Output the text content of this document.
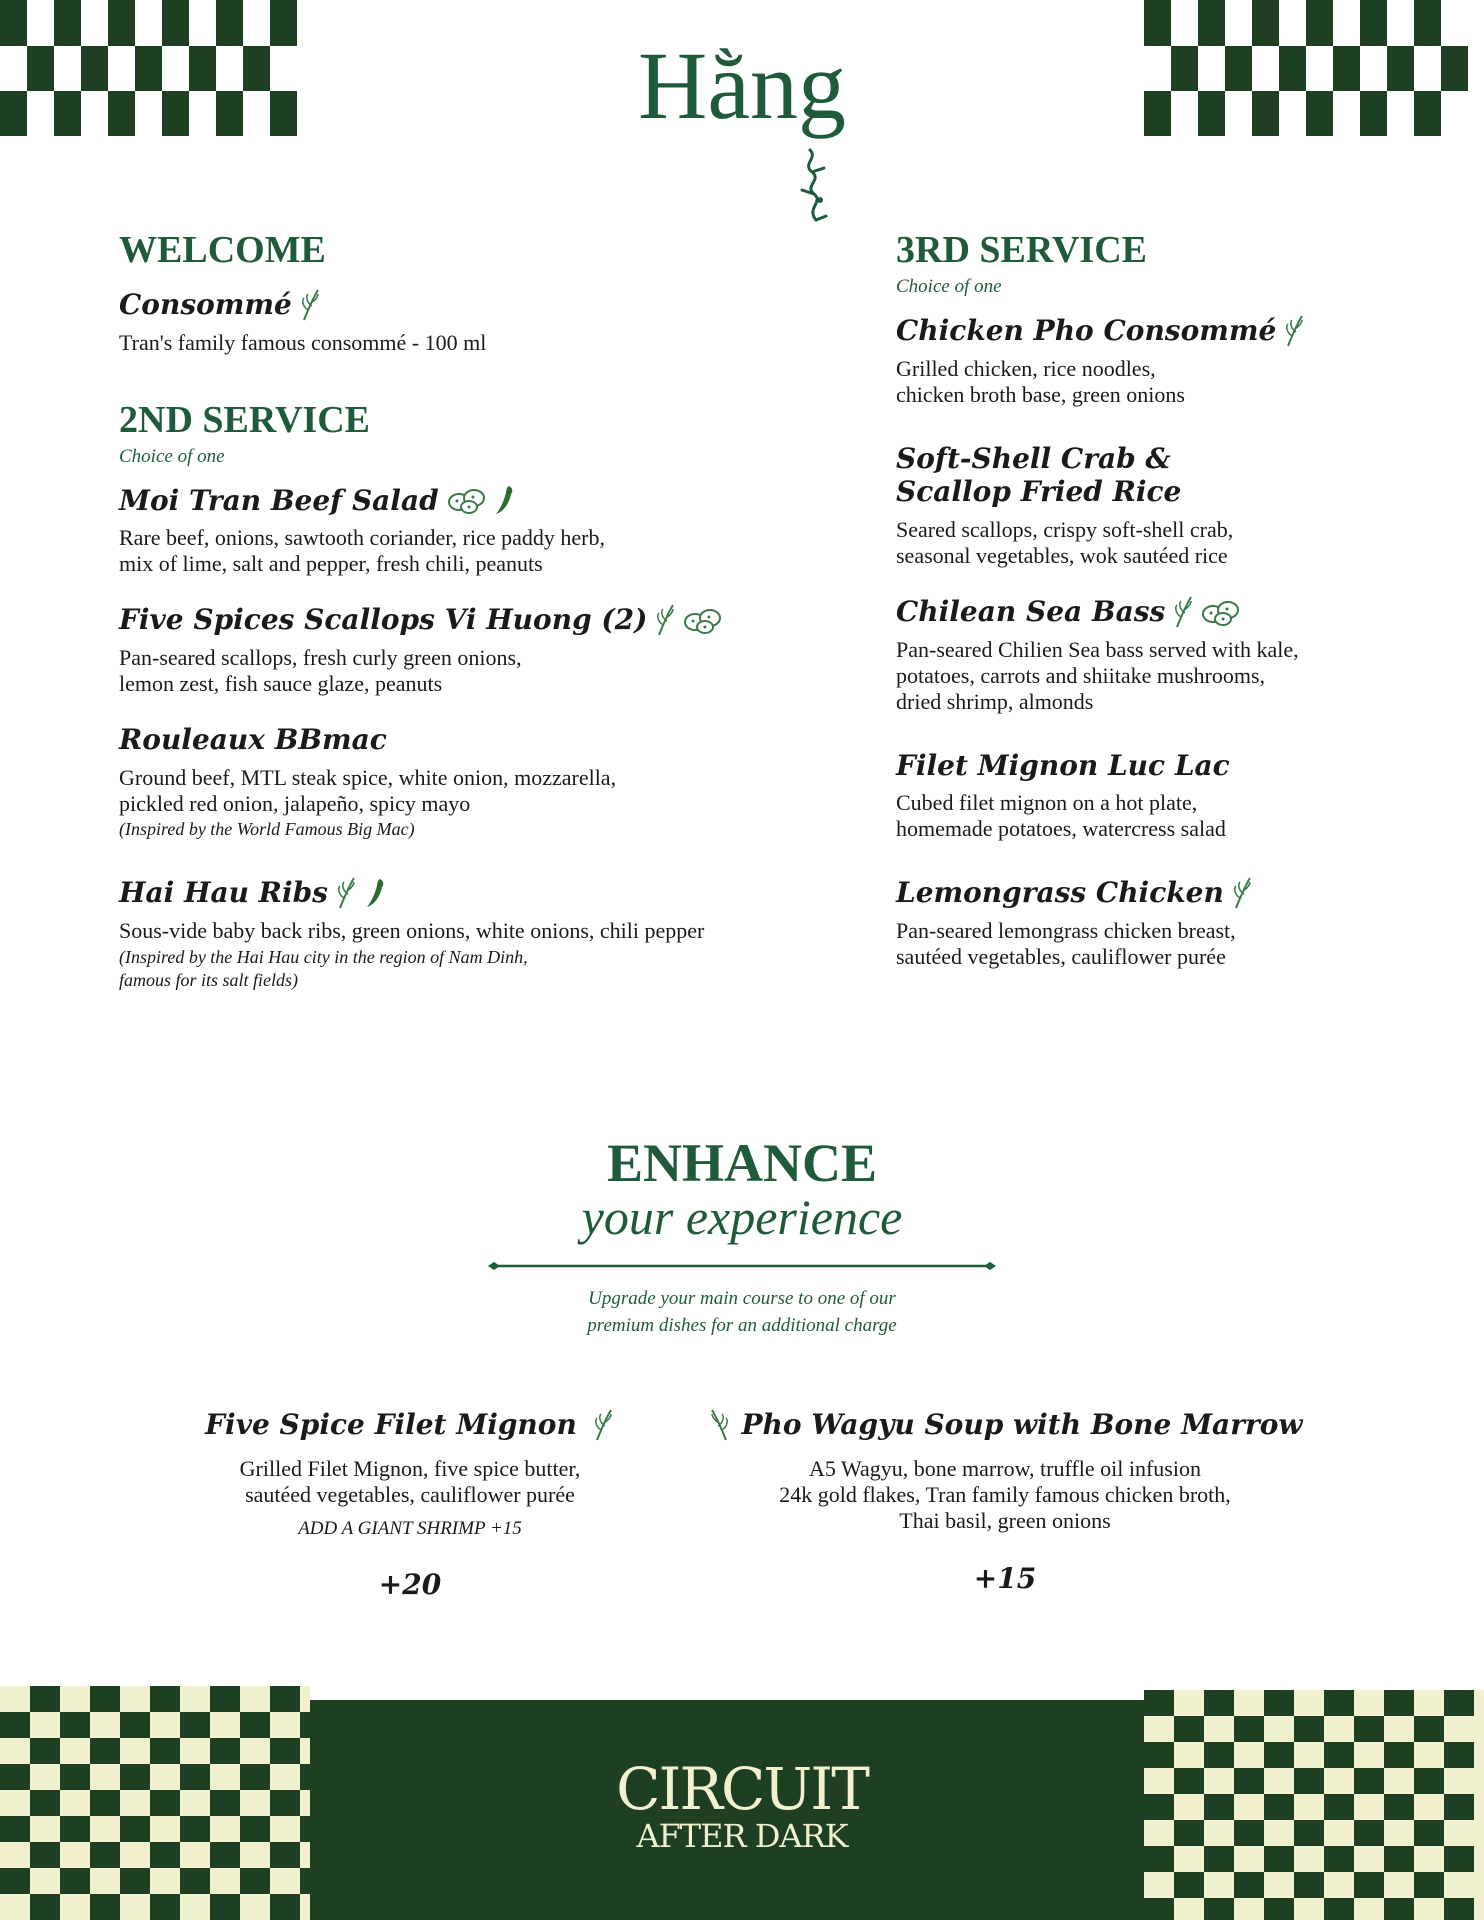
Hằng
WELCOME
Consommé
Tran's family famous consommé - 100 ml
2ND SERVICE
Choice of one
Moi Tran Beef Salad
Rare beef, onions, sawtooth coriander, rice paddy herb,
mix of lime, salt and pepper, fresh chili, peanuts
Five Spices Scallops Vi Huong (2)
Pan-seared scallops, fresh curly green onions,
lemon zest, fish sauce glaze, peanuts
Rouleaux BBmac
Ground beef, MTL steak spice, white onion, mozzarella,
pickled red onion, jalapeño, spicy mayo
(Inspired by the World Famous Big Mac)
Hai Hau Ribs
Sous-vide baby back ribs, green onions, white onions, chili pepper
(Inspired by the Hai Hau city in the region of Nam Dinh,
famous for its salt fields)
3RD SERVICE
Choice of one
Chicken Pho Consommé
Grilled chicken, rice noodles,
chicken broth base, green onions
Soft-Shell Crab &
Scallop Fried Rice
Seared scallops, crispy soft-shell crab,
seasonal vegetables, wok sautéed rice
Chilean Sea Bass
Pan-seared Chilien Sea bass served with kale,
potatoes, carrots and shiitake mushrooms,
dried shrimp, almonds
Filet Mignon Luc Lac
Cubed filet mignon on a hot plate,
homemade potatoes, watercress salad
Lemongrass Chicken
Pan-seared lemongrass chicken breast,
sautéed vegetables, cauliflower purée
ENHANCE
your experience
Upgrade your main course to one of our
premium dishes for an additional charge
Five Spice Filet Mignon
Grilled Filet Mignon, five spice butter,
sautéed vegetables, cauliflower purée
ADD A GIANT SHRIMP +15
+20
Pho Wagyu Soup with Bone Marrow
A5 Wagyu, bone marrow, truffle oil infusion
24k gold flakes, Tran family famous chicken broth,
Thai basil, green onions
+15
CIRCUIT
AFTER DARK
